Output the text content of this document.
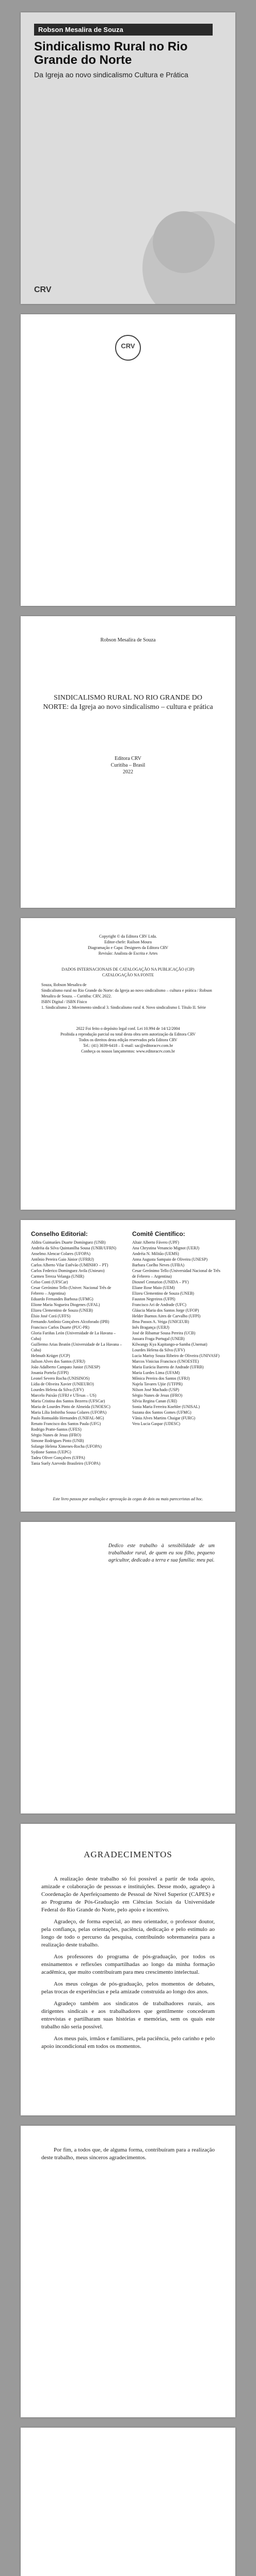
Robson Mesalira de Souza
Sindicalismo Rural no Rio Grande do Norte
Da Igreja ao novo sindicalismo Cultura e Prática
CRV
CRV
Robson Mesalira de Souza
SINDICALISMO RURAL NO RIO GRANDE DO NORTE: da Igreja ao novo sindicalismo – cultura e prática
Editora CRV
Curitiba – Brasil
2022
Copyright © da Editora CRV Ltda.
Editor-chefe: Railson Moura
Diagramação e Capa: Designers da Editora CRV
Revisão: Analista de Escrita e Artes
DADOS INTERNACIONAIS DE CATALOGAÇÃO NA PUBLICAÇÃO (CIP)
CATALOGAÇÃO NA FONTE
Souza, Robson Mesalira de
Sindicalismo rural no Rio Grande do Norte: da Igreja ao novo sindicalismo – cultura e prática / Robson Mesalira de Souza. – Curitiba: CRV, 2022.
ISBN Digital / ISBN Físico
1. Sindicalismo 2. Movimento sindical 3. Sindicalismo rural 4. Novo sindicalismo I. Título II. Série
2022 Foi feito o depósito legal conf. Lei 10.994 de 14/12/2004
Proibida a reprodução parcial ou total desta obra sem autorização da Editora CRV
Todos os direitos desta edição reservados pela Editora CRV
Tel.: (41) 3039-6418 – E-mail: sac@editoracrv.com.br
Conheça os nossos lançamentos: www.editoracrv.com.br
Conselho Editorial:
Aldira Guimarães Duarte Domínguez (UNB)
Andréia da Silva Quintanilha Sousa (UNIR/UFRN)
Anselmo Alencar Colares (UFOPA)
Antônio Pereira Gaio Júnior (UFRRJ)
Carlos Alberto Vilar Estêvão (UMINHO – PT)
Carlos Federico Dominguez Avila (Unieuro)
Carmen Tereza Velanga (UNIR)
Celso Conti (UFSCar)
Cesar Gerónimo Tello (Univer. Nacional Três de Febrero – Argentina)
Eduardo Fernandes Barbosa (UFMG)
Elione Maria Nogueira Diogenes (UFAL)
Elizeu Clementino de Souza (UNEB)
Élsio José Corá (UFFS)
Fernando Antônio Gonçalves Alcoforado (IPB)
Francisco Carlos Duarte (PUC-PR)
Gloria Fariñas León (Universidade de La Havana – Cuba)
Guillermo Arias Beatón (Universidade de La Havana – Cuba)
Helmuth Krüger (UCP)
Jailson Alves dos Santos (UFRJ)
João Adalberto Campato Junior (UNESP)
Josania Portela (UFPI)
Leonel Severo Rocha (UNISINOS)
Lídia de Oliveira Xavier (UNIEURO)
Lourdes Helena da Silva (UFV)
Marcelo Paixão (UFRJ e UTexas – US)
Maria Cristina dos Santos Bezerra (UFSCar)
Maria de Lourdes Pinto de Almeida (UNOESC)
Maria Lília Imbiriba Sousa Colares (UFOPA)
Paulo Romualdo Hernandes (UNIFAL-MG)
Renato Francisco dos Santos Paula (UFG)
Rodrigo Pratte-Santos (UFES)
Sérgio Nunes de Jesus (IFRO)
Simone Rodrigues Pinto (UNB)
Solange Helena Ximenes-Rocha (UFOPA)
Sydione Santos (UEPG)
Tadeu Oliver Gonçalves (UFPA)
Tania Suely Azevedo Brasileiro (UFOPA)
Comitê Científico:
Altair Alberto Fávero (UPF)
Ana Chrystina Venancio Mignot (UERJ)
Andréia N. Militão (UEMS)
Anna Augusta Sampaio de Oliveira (UNESP)
Barbara Coelho Neves (UFBA)
Cesar Gerónimo Tello (Universidad Nacional de Três de Febrero – Argentina)
Diosnel Centurion (UNIDA – PY)
Eliane Rose Maio (UEM)
Elizeu Clementino de Souza (UNEB)
Fauston Negreiros (UFPI)
Francisco Ari de Andrade (UFC)
Gláucia Maria dos Santos Jorge (UFOP)
Helder Buenos Aires de Carvalho (UFPI)
Ilma Passos A. Veiga (UNICEUB)
Inês Bragança (UERJ)
José de Ribamar Sousa Pereira (UCB)
Jussara Fraga Portugal (UNEB)
Kilwangy Kya Kapitango-a-Samba (Unemat)
Lourdes Helena da Silva (UFV)
Lucia Marisy Souza Ribeiro de Oliveira (UNIVASF)
Marcos Vinicius Francisco (UNOESTE)
Maria Eurácia Barreto de Andrade (UFRB)
Maria Lurdes Lima (UFAM)
Mônica Pereira dos Santos (UFRJ)
Najela Tavares Ujiie (UTFPR)
Nilson José Machado (USP)
Sérgio Nunes de Jesus (IFRO)
Silvia Regina Canan (URI)
Sonia Maria Ferreira Koehler (UNISAL)
Suzana dos Santos Gomes (UFMG)
Vânia Alves Martins Chaigar (FURG)
Vera Lucia Gaspar (UDESC)
Este livro passou por avaliação e aprovação às cegas de dois ou mais pareceristas ad hoc.
Dedico este trabalho à sensibilidade de um trabalhador rural, de quem eu sou filho, pequeno agricultor, dedicado a terra e sua família: meu pai.
AGRADECIMENTOS

A realização deste trabalho só foi possível a partir de toda apoio, amizade e colaboração de pessoas e instituições. Desse modo, agradeço à Coordenação de Aperfeiçoamento de Pessoal de Nível Superior (CAPES) e ao Programa de Pós-Graduação em Ciências Sociais da Universidade Federal do Rio Grande do Norte, pelo apoio e incentivo.

Agradeço, de forma especial, ao meu orientador, o professor doutor, pela confiança, pelas orientações, paciência, dedicação e pelo estímulo ao longo de todo o percurso da pesquisa, contribuindo sobremaneira para a realização deste trabalho.

Aos professores do programa de pós-graduação, por todos os ensinamentos e reflexões compartilhadas ao longo da minha formação acadêmica, que muito contribuíram para meu crescimento intelectual.

Aos meus colegas de pós-graduação, pelos momentos de debates, pelas trocas de experiências e pela amizade construída ao longo dos anos.

Agradeço também aos sindicatos de trabalhadores rurais, aos dirigentes sindicais e aos trabalhadores que gentilmente concederam entrevistas e partilharam suas histórias e memórias, sem os quais este trabalho não seria possível.

Aos meus pais, irmãos e familiares, pela paciência, pelo carinho e pelo apoio incondicional em todos os momentos.

Por fim, a todos que, de alguma forma, contribuíram para a realização deste trabalho, meus sinceros agradecimentos.
